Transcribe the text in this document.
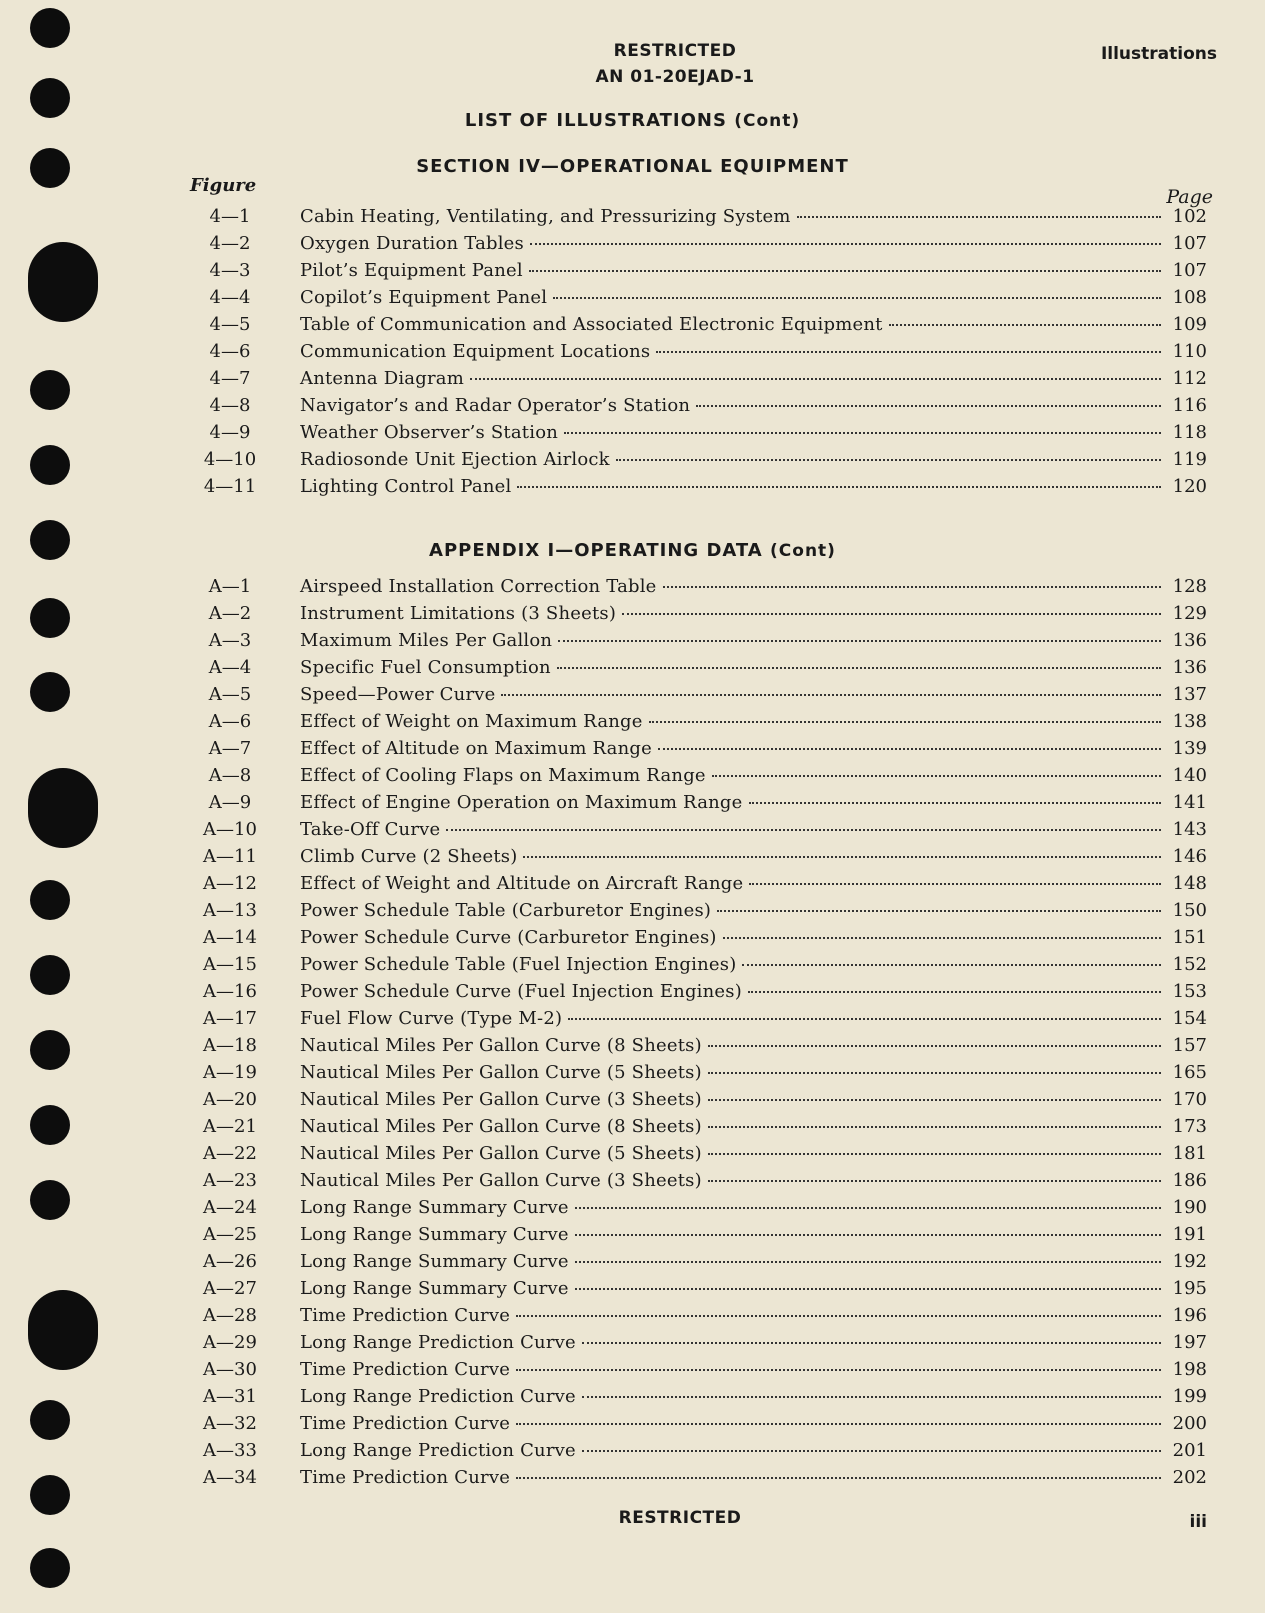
RESTRICTED
AN 01-20EJAD-1
Illustrations
LIST OF ILLUSTRATIONS (Cont)
SECTION IV—OPERATIONAL EQUIPMENT
Figure
Page
4—1	Cabin Heating, Ventilating, and Pressurizing System	102
4—2	Oxygen Duration Tables	107
4—3	Pilot’s Equipment Panel	107
4—4	Copilot’s Equipment Panel	108
4—5	Table of Communication and Associated Electronic Equipment	109
4—6	Communication Equipment Locations	110
4—7	Antenna Diagram	112
4—8	Navigator’s and Radar Operator’s Station	116
4—9	Weather Observer’s Station	118
4—10	Radiosonde Unit Ejection Airlock	119
4—11	Lighting Control Panel	120
APPENDIX I—OPERATING DATA (Cont)
A—1	Airspeed Installation Correction Table	128
A—2	Instrument Limitations (3 Sheets)	129
A—3	Maximum Miles Per Gallon	136
A—4	Specific Fuel Consumption	136
A—5	Speed—Power Curve	137
A—6	Effect of Weight on Maximum Range	138
A—7	Effect of Altitude on Maximum Range	139
A—8	Effect of Cooling Flaps on Maximum Range	140
A—9	Effect of Engine Operation on Maximum Range	141
A—10	Take-Off Curve	143
A—11	Climb Curve (2 Sheets)	146
A—12	Effect of Weight and Altitude on Aircraft Range	148
A—13	Power Schedule Table (Carburetor Engines)	150
A—14	Power Schedule Curve (Carburetor Engines)	151
A—15	Power Schedule Table (Fuel Injection Engines)	152
A—16	Power Schedule Curve (Fuel Injection Engines)	153
A—17	Fuel Flow Curve (Type M-2)	154
A—18	Nautical Miles Per Gallon Curve (8 Sheets)	157
A—19	Nautical Miles Per Gallon Curve (5 Sheets)	165
A—20	Nautical Miles Per Gallon Curve (3 Sheets)	170
A—21	Nautical Miles Per Gallon Curve (8 Sheets)	173
A—22	Nautical Miles Per Gallon Curve (5 Sheets)	181
A—23	Nautical Miles Per Gallon Curve (3 Sheets)	186
A—24	Long Range Summary Curve	190
A—25	Long Range Summary Curve	191
A—26	Long Range Summary Curve	192
A—27	Long Range Summary Curve	195
A—28	Time Prediction Curve	196
A—29	Long Range Prediction Curve	197
A—30	Time Prediction Curve	198
A—31	Long Range Prediction Curve	199
A—32	Time Prediction Curve	200
A—33	Long Range Prediction Curve	201
A—34	Time Prediction Curve	202
RESTRICTED	iii
